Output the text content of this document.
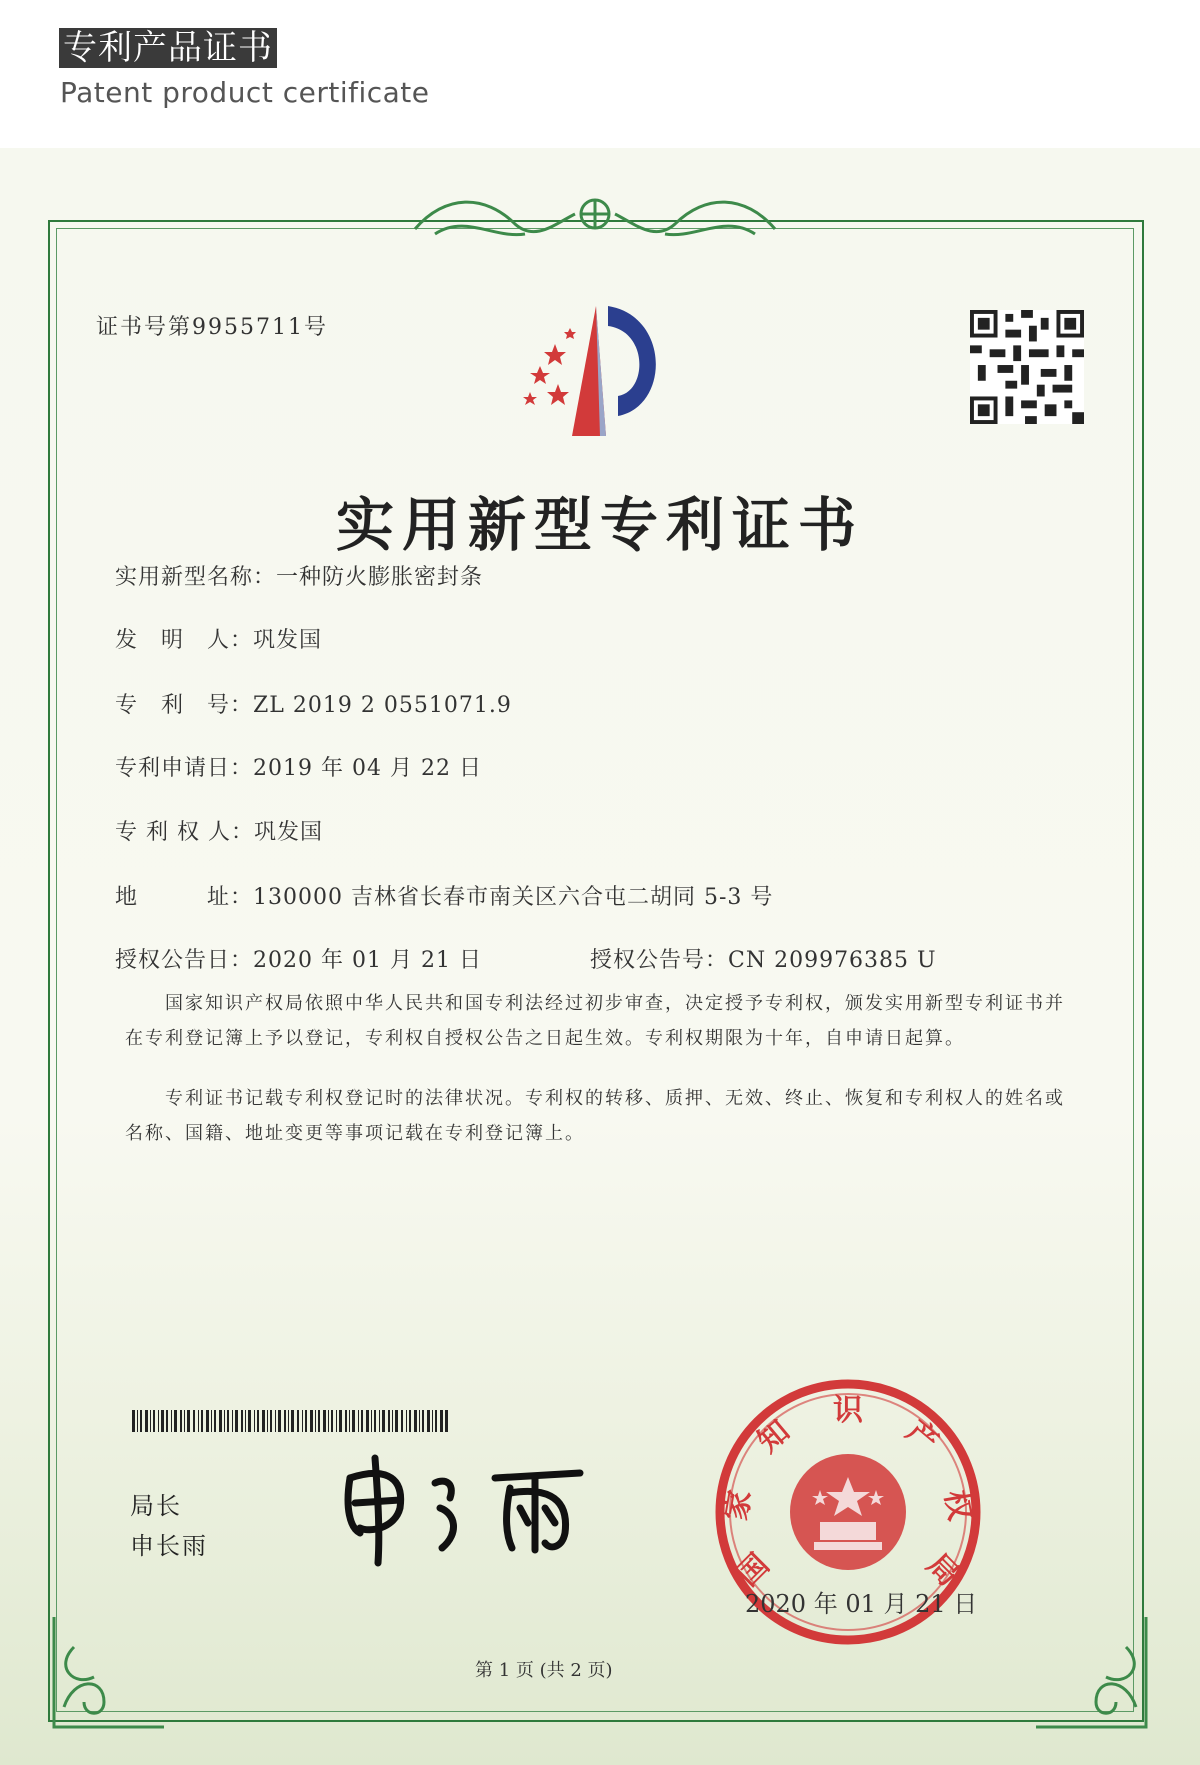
专利产品证书
Patent product certificate
证书号第9955711号
实用新型专利证书
实用新型名称：一种防火膨胀密封条
发　明　人：巩发国
专　利　号：ZL 2019 2 0551071.9
专利申请日：2019 年 04 月 22 日
专 利 权 人：巩发国
地　　　址：130000 吉林省长春市南关区六合屯二胡同 5-3 号
授权公告日：2020 年 01 月 21 日	授权公告号：CN 209976385 U
国家知识产权局依照中华人民共和国专利法经过初步审查，决定授予专利权，颁发实用新型专利证书并在专利登记簿上予以登记，专利权自授权公告之日起生效。专利权期限为十年，自申请日起算。
专利证书记载专利权登记时的法律状况。专利权的转移、质押、无效、终止、恢复和专利权人的姓名或名称、国籍、地址变更等事项记载在专利登记簿上。
局长
申长雨
国
家
知
识
产
权
局
2020 年 01 月 21 日
第 1 页 (共 2 页)
